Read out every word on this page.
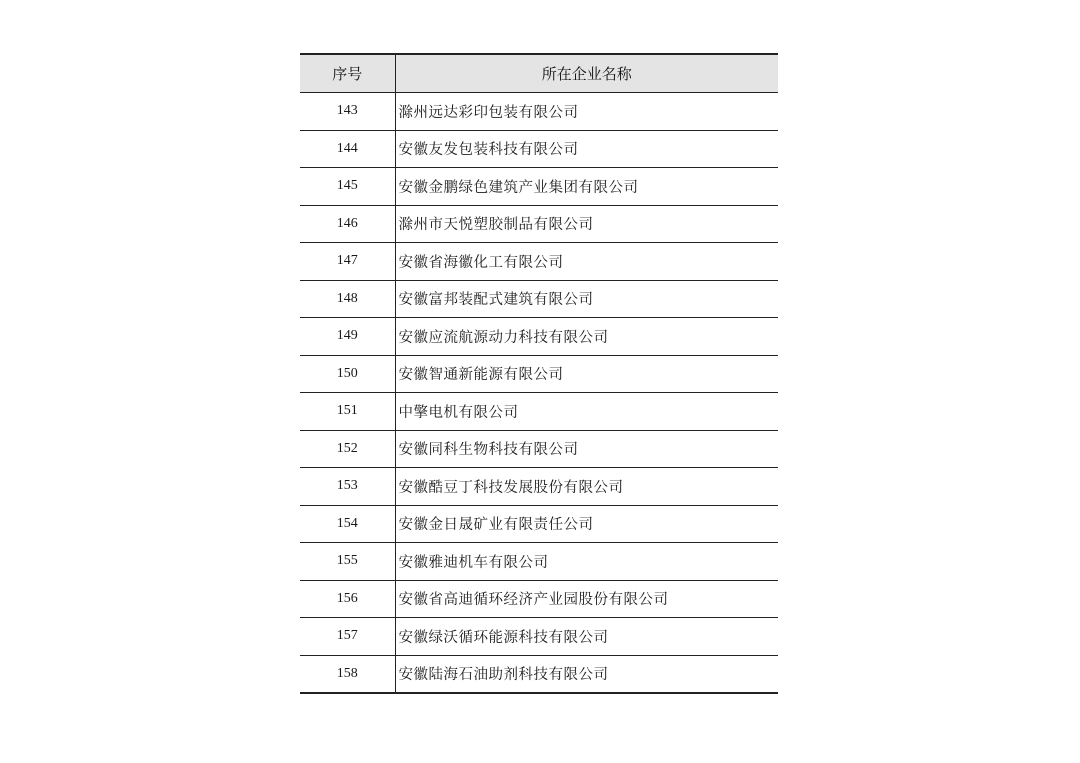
序号	所在企业名称
143	滁州远达彩印包装有限公司
144	安徽友发包装科技有限公司
145	安徽金鹏绿色建筑产业集团有限公司
146	滁州市天悦塑胶制品有限公司
147	安徽省海徽化工有限公司
148	安徽富邦装配式建筑有限公司
149	安徽应流航源动力科技有限公司
150	安徽智通新能源有限公司
151	中擎电机有限公司
152	安徽同科生物科技有限公司
153	安徽酷豆丁科技发展股份有限公司
154	安徽金日晟矿业有限责任公司
155	安徽雅迪机车有限公司
156	安徽省高迪循环经济产业园股份有限公司
157	安徽绿沃循环能源科技有限公司
158	安徽陆海石油助剂科技有限公司
